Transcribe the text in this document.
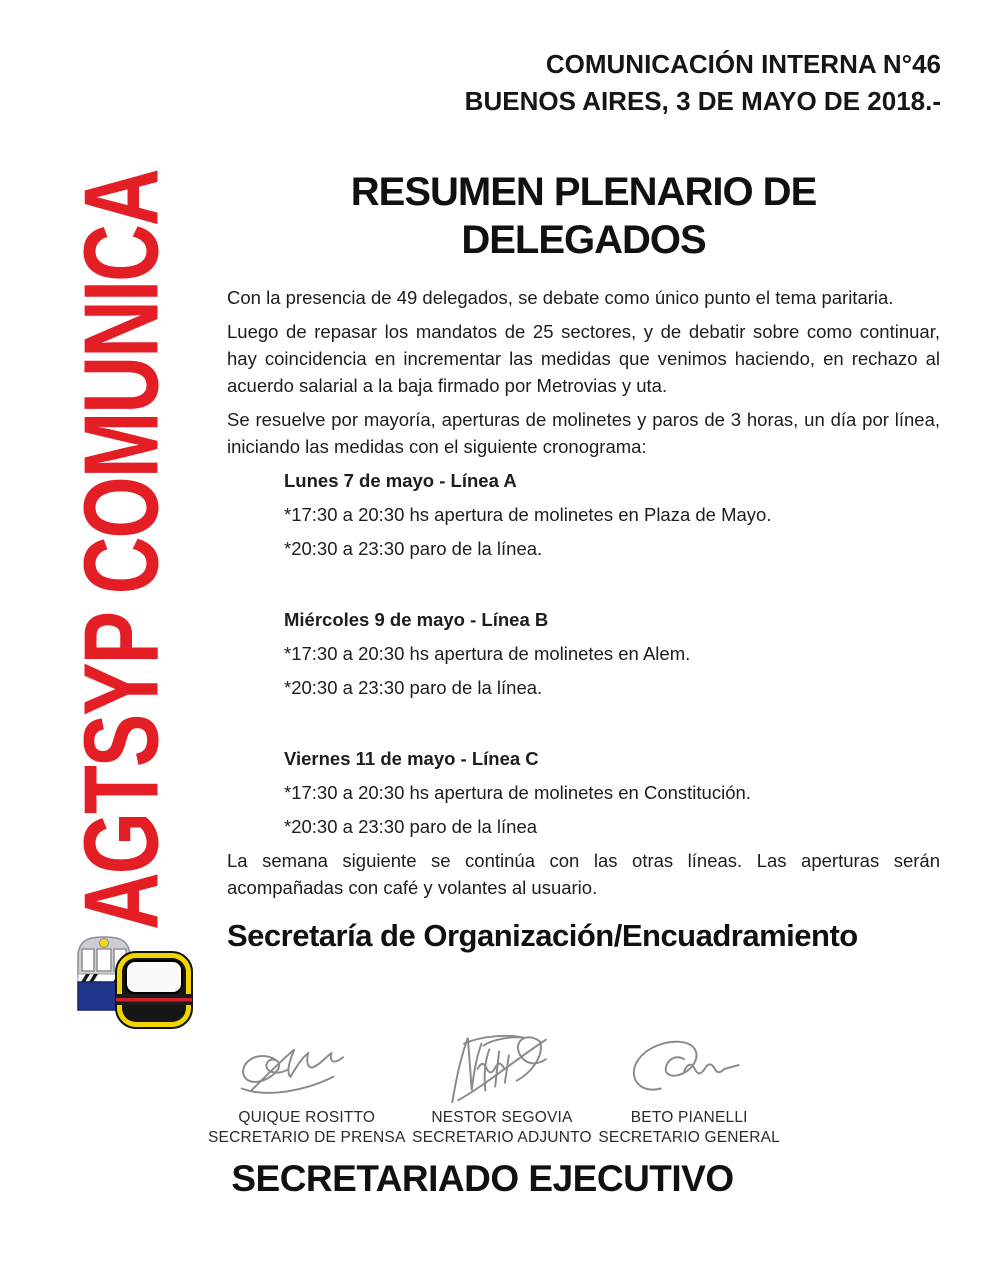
AGTSYP COMUNICA
COMUNICACIÓN INTERNA N°46
BUENOS AIRES, 3 DE MAYO DE 2018.-
RESUMEN PLENARIO DE DELEGADOS

Con la presencia de 49 delegados, se debate como único punto el tema paritaria.

Luego de repasar los mandatos de 25 sectores, y de debatir sobre como continuar, hay coincidencia en incrementar las medidas que venimos haciendo, en rechazo al acuerdo salarial a la baja firmado por Metrovias y uta.

Se resuelve por mayoría, aperturas de molinetes y paros de 3 horas, un día por línea, iniciando las medidas con el siguiente cronograma:

Lunes 7 de mayo - Línea A

*17:30 a 20:30 hs apertura de molinetes en Plaza de Mayo.

*20:30 a 23:30 paro de la línea.

Miércoles 9 de mayo - Línea B

*17:30 a 20:30 hs apertura de molinetes en Alem.

*20:30 a 23:30 paro de la línea.

Viernes 11 de mayo - Línea C

*17:30 a 20:30 hs apertura de molinetes en Constitución.

*20:30 a 23:30 paro de la línea

La semana siguiente se continúa con las otras líneas. Las aperturas serán acompañadas con café y volantes al usuario.

Secretaría de Organización/Encuadramiento
QUIQUE ROSITTO
SECRETARIO DE PRENSA
NESTOR SEGOVIA
SECRETARIO ADJUNTO
BETO PIANELLI
SECRETARIO GENERAL
SECRETARIADO EJECUTIVO
